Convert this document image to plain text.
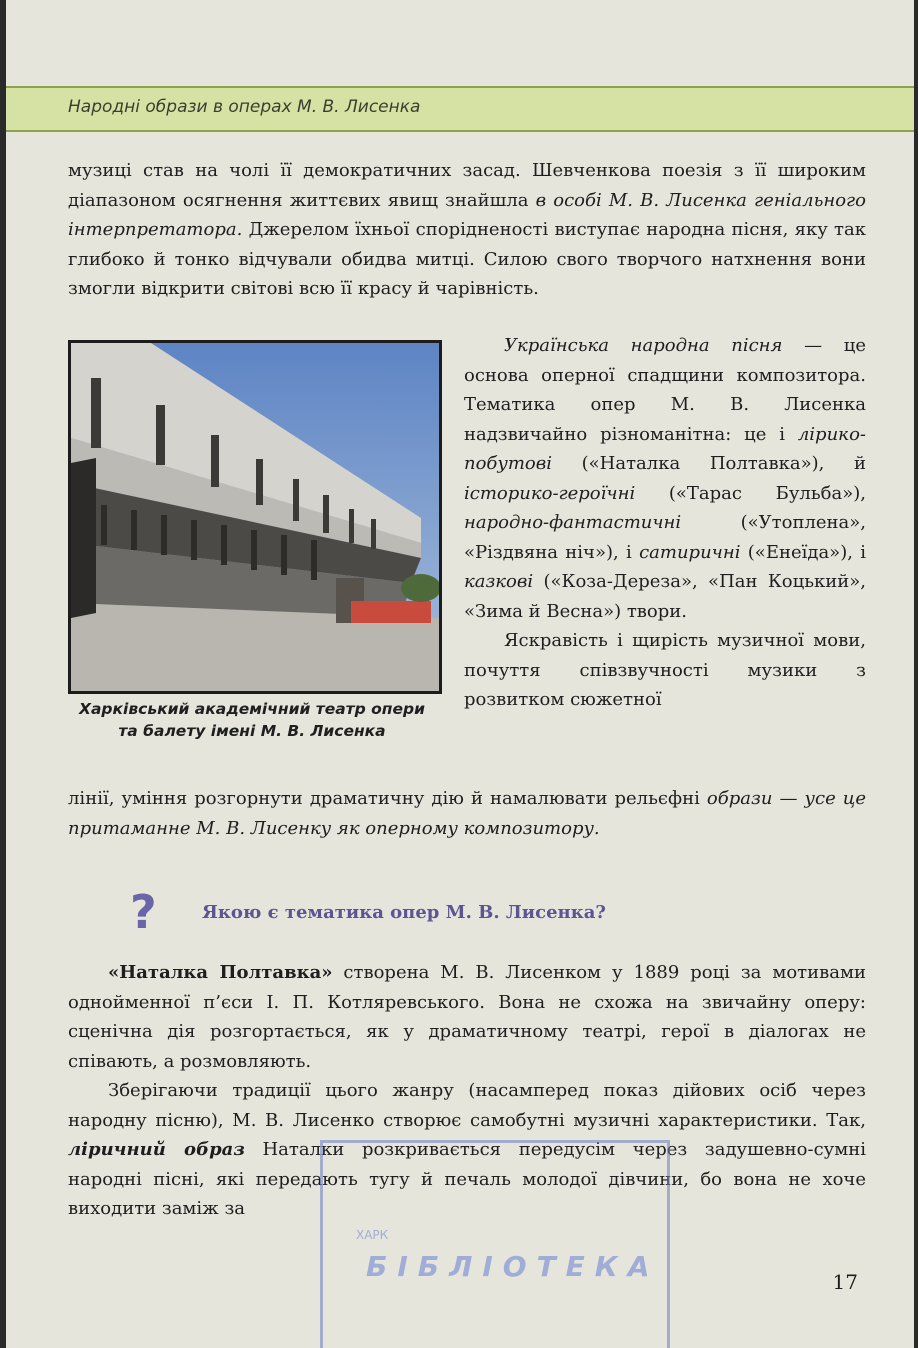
Народні образи в операх М. В. Лисенка

музиці став на чолі її демократичних засад. Шевченкова поезія з її широким діапазоном осягнення життєвих явищ знайшла в особі М. В. Лисенка геніального інтерпретатора. Джерелом їхньої спорідненості виступає народна пісня, яку так глибоко й тонко відчували обидва митці. Силою свого творчого натхнення вони змогли відкрити світові всю її красу й чарівність.

Українська народна пісня — це основа оперної спадщини композитора. Тематика опер М. В. Лисенка надзвичайно різноманітна: це і ліриĸо-побутові («Наталка Полтавка»), й історико-героїчні («Тарас Бульба»), народно-фантастичні («Утоплена», «Різдвяна ніч»), і сатиричні («Енеїда»), і казкові («Коза-Дереза», «Пан Коцький», «Зима й Весна») твори.

Яскравість і щирість музичної мови, почуття співзвучності музики з розвитком сюжетної

Харківський академічний театр опери та балету імені М. В. Лисенка

лінії, уміння розгорнути драматичну дію й намалювати рельєфні образи — усе це притаманне М. В. Лисенку як оперному композитору.

?	Якою є тематика опер М. В. Лисенка?

«Наталка Полтавка» створена М. В. Лисенком у 1889 році за мотивами однойменної п’єси І. П. Котляревського. Вона не схожа на звичайну оперу: сценічна дія розгортається, як у драматичному театрі, герої в діалогах не співають, а розмовляють.

Зберігаючи традиції цього жанру (насамперед показ дійових осіб через народну пісню), М. В. Лисенко створює самобутні музичні характеристики. Так, ліричний образ Наталки розкривається передусім через задушевно-сумні народні пісні, які передають тугу й печаль молодої дівчини, бо вона не хоче виходити заміж за

ХАРК
БІБЛІОТЕКА	17
